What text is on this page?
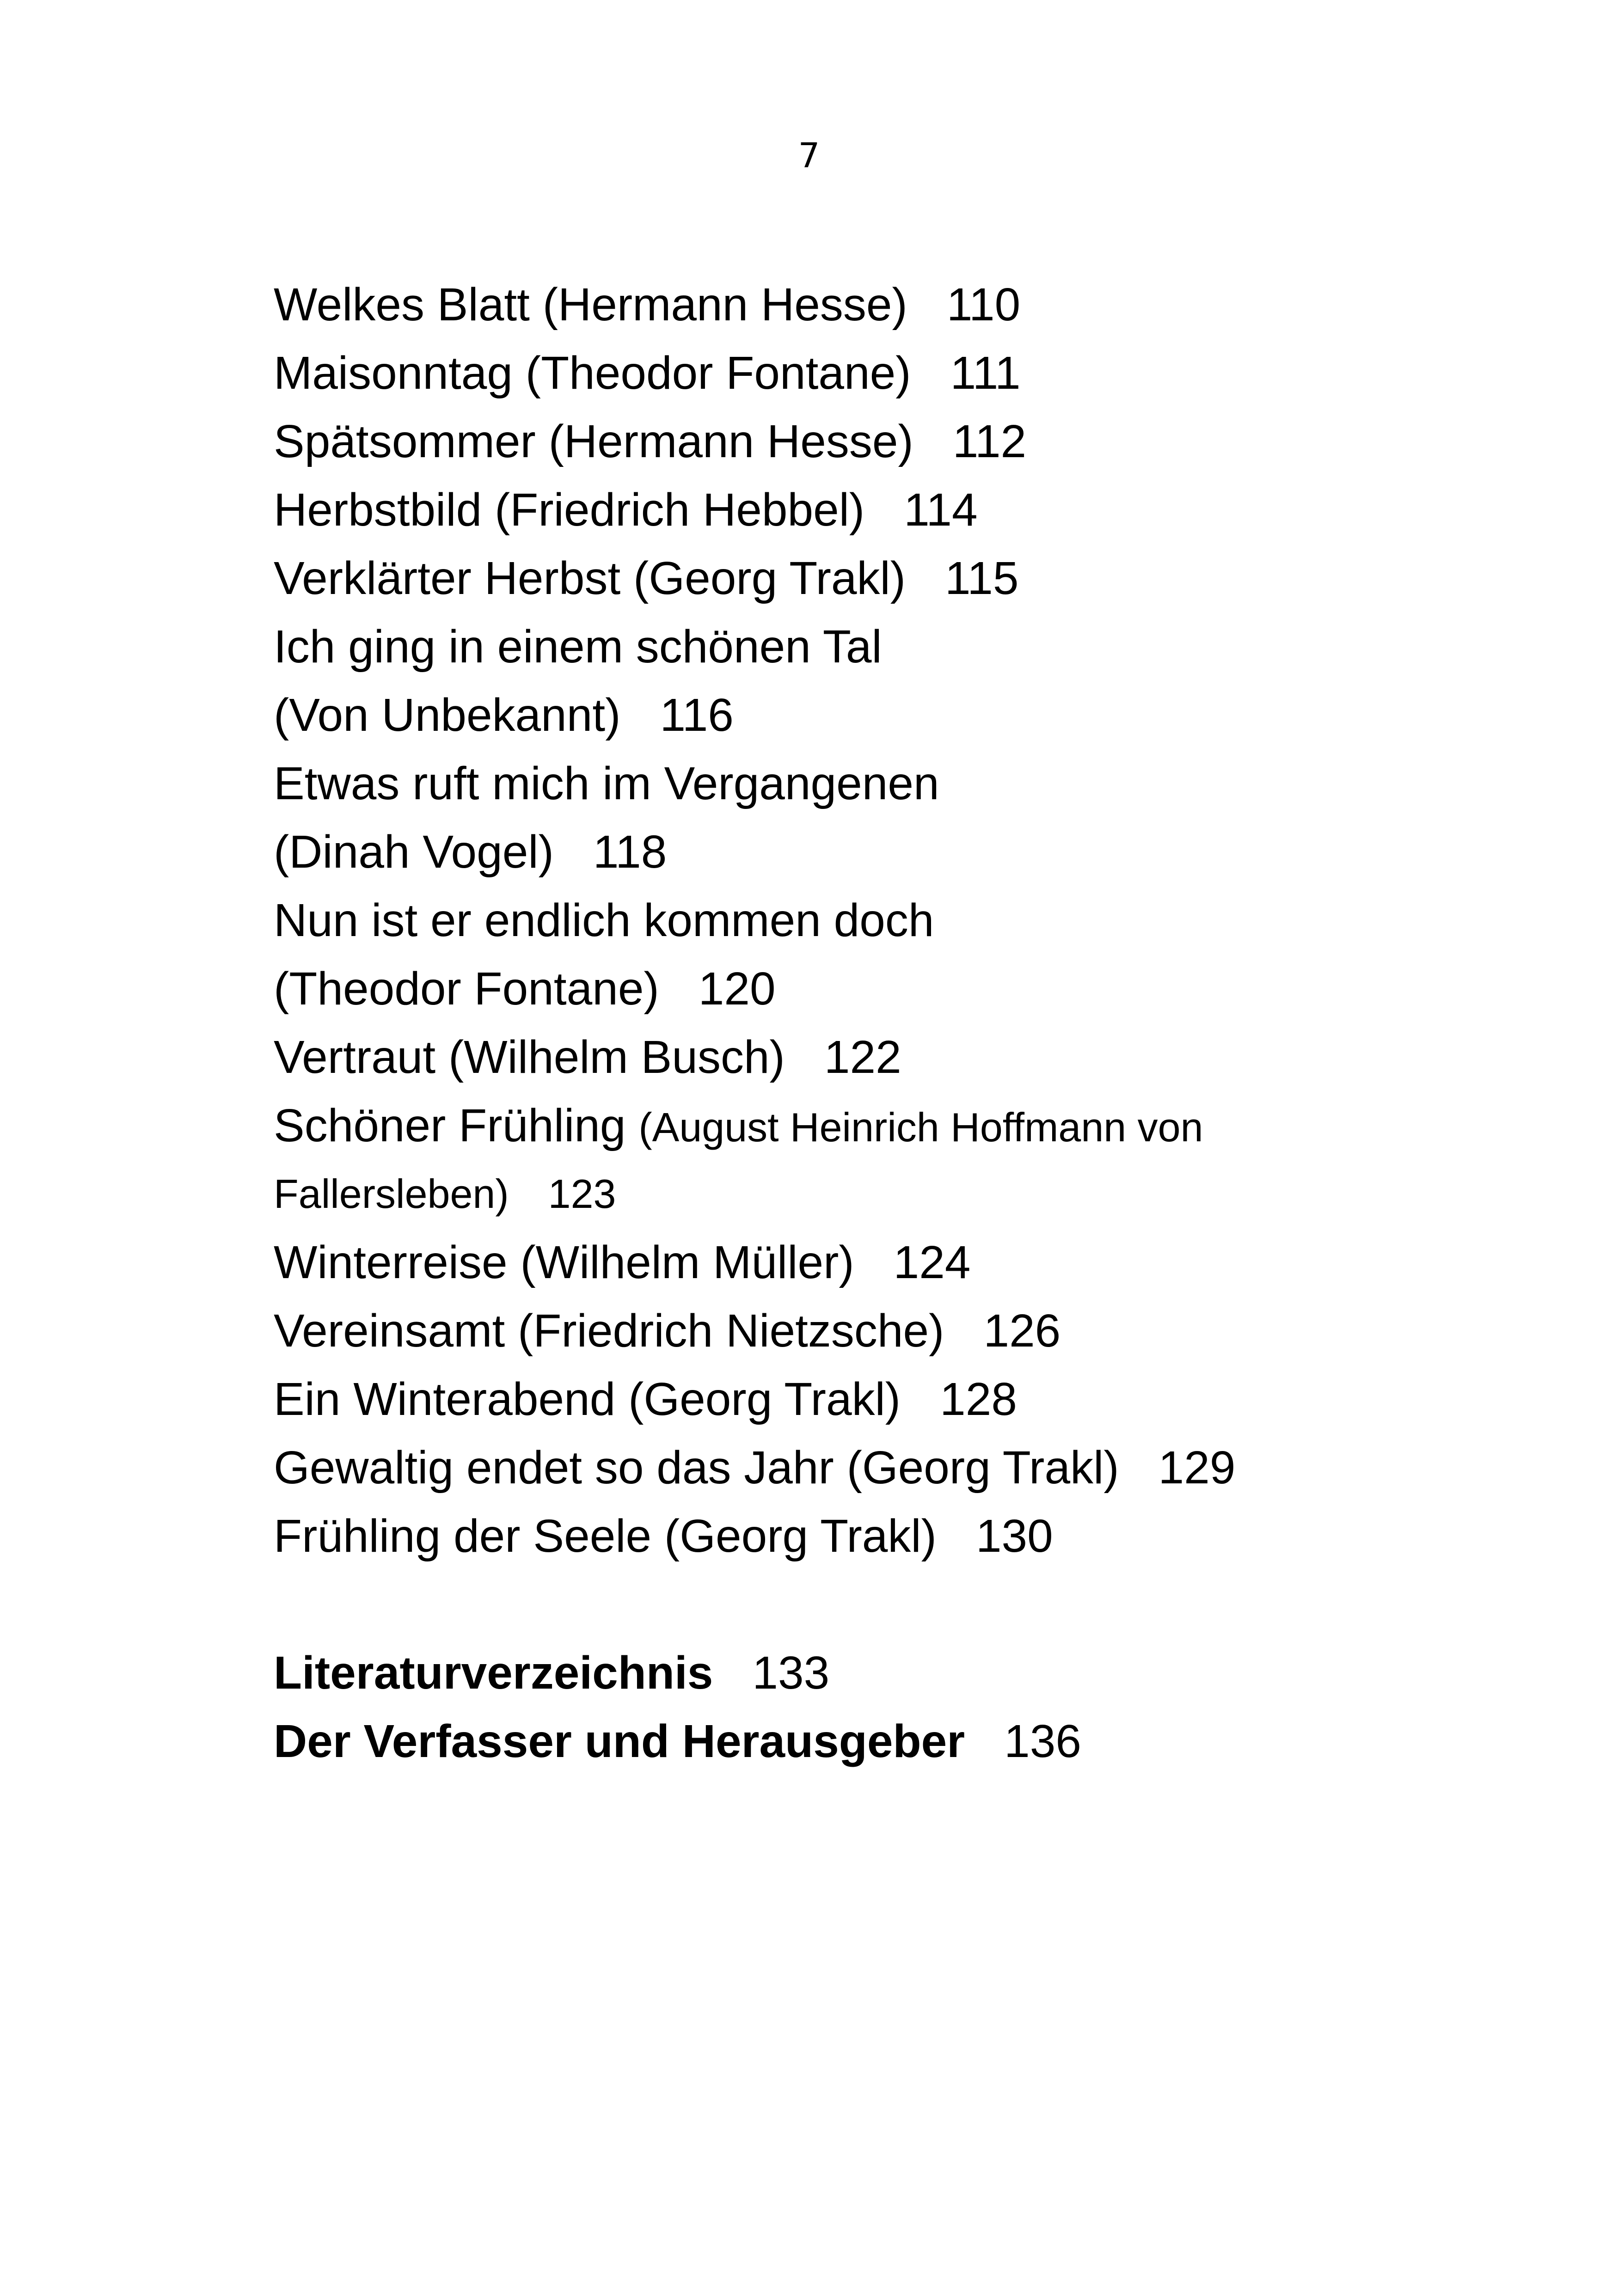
7
Welkes Blatt (Hermann Hesse) 110
Maisonntag (Theodor Fontane) 111
Spätsommer (Hermann Hesse) 112
Herbstbild (Friedrich Hebbel) 114
Verklärter Herbst (Georg Trakl) 115
Ich ging in einem schönen Tal
(Von Unbekannt) 116
Etwas ruft mich im Vergangenen
(Dinah Vogel) 118
Nun ist er endlich kommen doch
(Theodor Fontane) 120
Vertraut (Wilhelm Busch) 122
Schöner Frühling (August Heinrich Hoffmann von
Fallersleben) 123
Winterreise (Wilhelm Müller) 124
Vereinsamt (Friedrich Nietzsche) 126
Ein Winterabend (Georg Trakl) 128
Gewaltig endet so das Jahr (Georg Trakl) 129
Frühling der Seele (Georg Trakl) 130
Literaturverzeichnis 133
Der Verfasser und Herausgeber 136
